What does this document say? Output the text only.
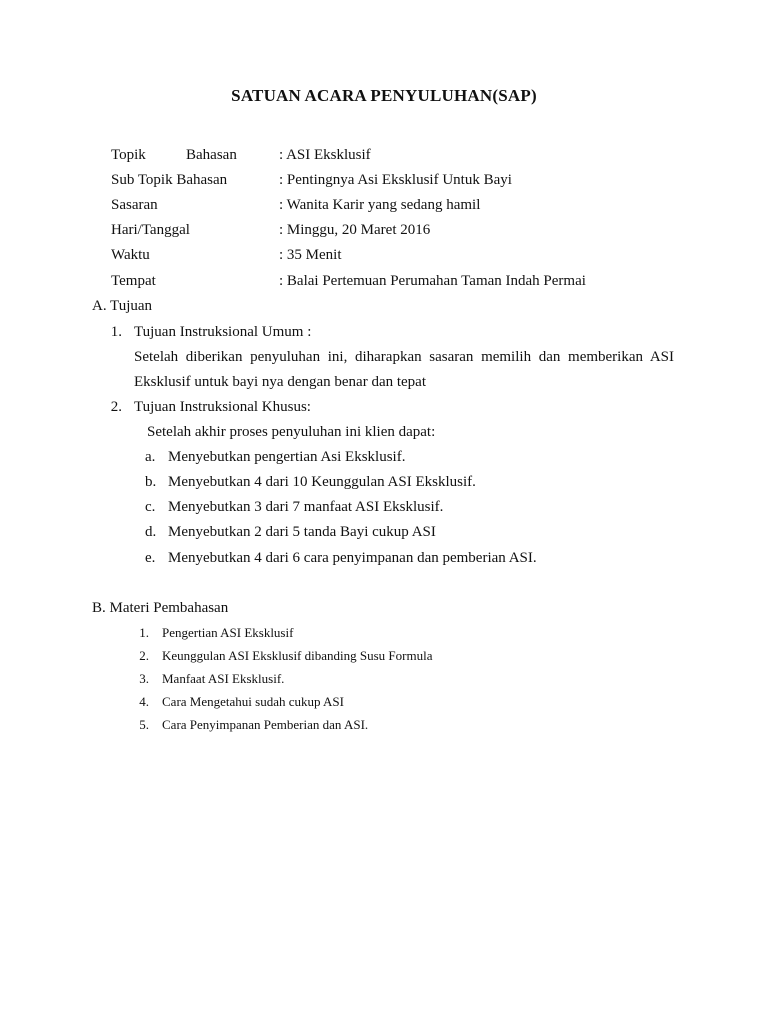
SATUAN ACARA PENYULUHAN(SAP)
Topik	Bahasan	: ASI Eksklusif
Sub Topik Bahasan	: Pentingnya Asi Eksklusif Untuk Bayi
Sasaran	: Wanita Karir yang sedang hamil
Hari/Tanggal	: Minggu, 20 Maret 2016
Waktu	: 35 Menit
Tempat	: Balai Pertemuan Perumahan Taman Indah Permai
A. Tujuan
1. Tujuan Instruksional Umum :
Setelah diberikan penyuluhan ini, diharapkan sasaran memilih dan memberikan ASI
Eksklusif untuk bayi nya dengan benar dan tepat
2. Tujuan Instruksional Khusus:
Setelah akhir proses penyuluhan ini klien dapat:
a. Menyebutkan pengertian Asi Eksklusif.
b. Menyebutkan 4 dari 10 Keunggulan ASI Eksklusif.
c. Menyebutkan 3 dari 7 manfaat ASI Eksklusif.
d. Menyebutkan 2 dari 5 tanda Bayi cukup ASI
e. Menyebutkan 4 dari 6 cara penyimpanan dan pemberian ASI.
B. Materi Pembahasan
1. Pengertian ASI Eksklusif
2. Keunggulan ASI Eksklusif dibanding Susu Formula
3. Manfaat ASI Eksklusif.
4. Cara Mengetahui sudah cukup ASI
5. Cara Penyimpanan Pemberian dan ASI.
